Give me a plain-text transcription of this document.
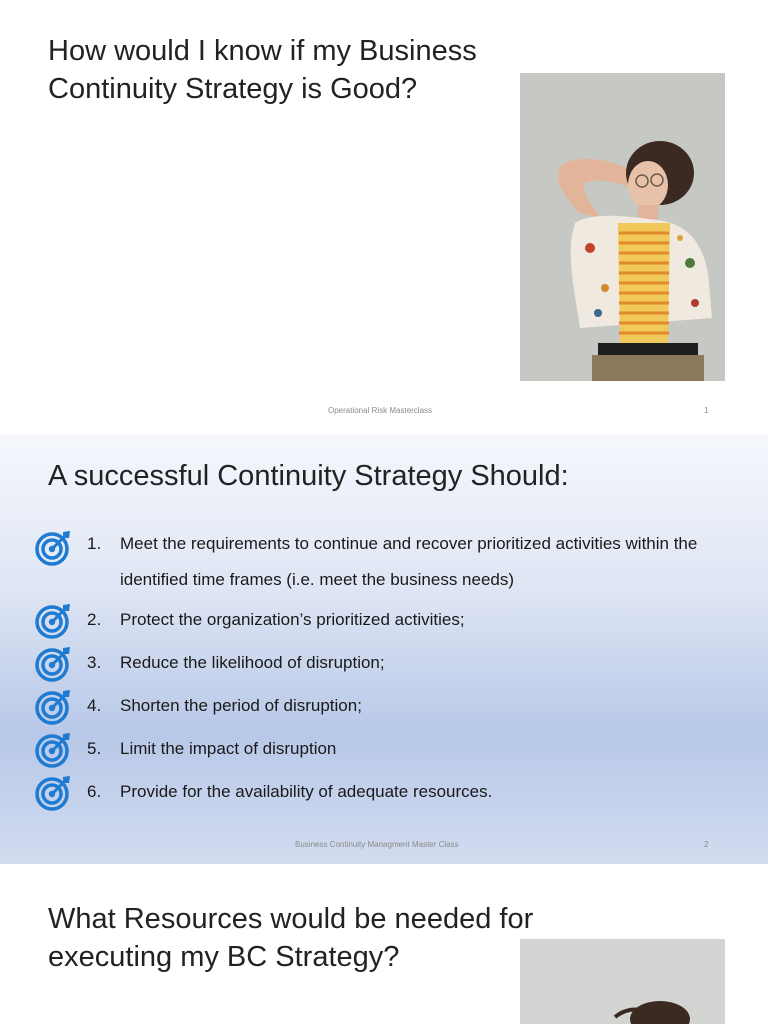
How would I know if my Business Continuity Strategy is Good?
Operational Risk Masterclass	1
A successful Continuity Strategy Should:
1. Meet the requirements to continue and recover prioritized activities within the identified time frames (i.e. meet the business needs)
2. Protect the organization’s prioritized activities;
3. Reduce the likelihood of disruption;
4. Shorten the period of disruption;
5. Limit the impact of disruption
6. Provide for the availability of adequate resources.
Business Continuity Managment Master Class	2
What Resources would be needed for executing my BC Strategy?
